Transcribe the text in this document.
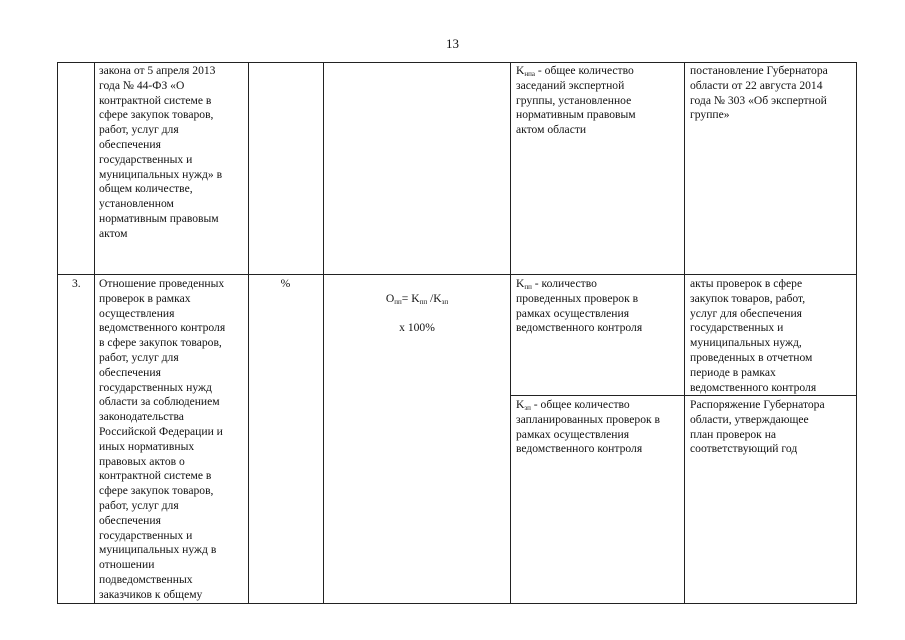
13
закона от 5 апреля 2013
года № 44-ФЗ «О
контрактной системе в
сфере закупок товаров,
работ, услуг для
обеспечения
государственных и
муниципальных нужд» в
общем количестве,
установленном
нормативным правовым
актом
$K_{нпа}$ - общее количество
заседаний экспертной
группы, установленное
нормативным правовым
актом области
постановление Губернатора
области от 22 августа 2014
года № 303 «Об экспертной
группе»
3.	Отношение проведенных
проверок в рамках
осуществления
ведомственного контроля
в сфере закупок товаров,
работ, услуг для
обеспечения
государственных нужд
области за соблюдением
законодательства
Российской Федерации и
иных нормативных
правовых актов о
контрактной системе в
сфере закупок товаров,
работ, услуг для
обеспечения
государственных и
муниципальных нужд в
отношении
подведомственных
заказчиков к общему
%

$O_{пп}= K_{пп}$ $/K_{зп}$

x 100%

$K_{пп}$ - количество
проведенных проверок в
рамках осуществления
ведомственного контроля
акты проверок в сфере
закупок товаров, работ,
услуг для обеспечения
государственных и
муниципальных нужд,
проведенных в отчетном
периоде в рамках
ведомственного контроля
$K_{зп}$ - общее количество
запланированных проверок в
рамках осуществления
ведомственного контроля
Распоряжение Губернатора
области, утверждающее
план проверок на
соответствующий год
